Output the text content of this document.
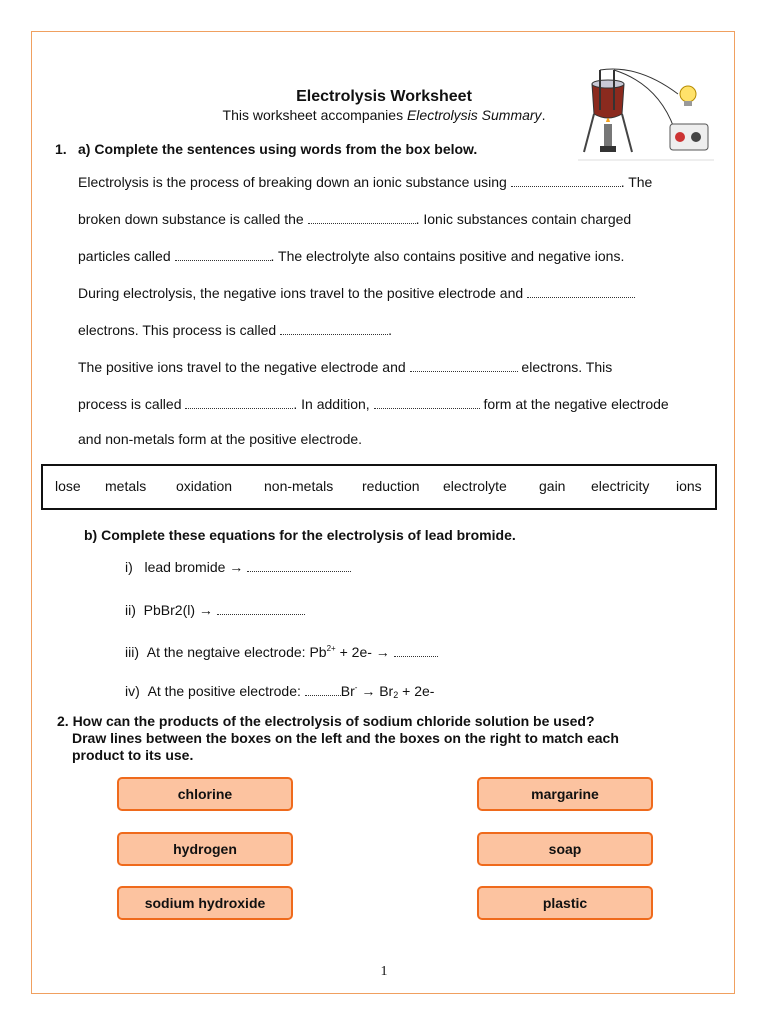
Electrolysis Worksheet
This worksheet accompanies Electrolysis Summary.
1. a) Complete the sentences using words from the box below.
Electrolysis is the process of breaking down an ionic substance using	. The
broken down substance is called the	. Ionic substances contain charged
particles called	. The electrolyte also contains positive and negative ions.
During electrolysis, the negative ions travel to the positive electrode and
electrons. This process is called	.
The positive ions travel to the negative electrode and	electrons. This
process is called	. In addition,	form at the negative electrode
and non-metals form at the positive electrode.
lose metals oxidation non-metals reduction electrolyte gain electricity ions
b) Complete these equations for the electrolysis of lead bromide.
i) lead bromide →
ii) PbBr2(l) →
iii) At the negtaive electrode: $Pb^{2+} + 2e-$ →
iv) At the positive electrode:	$Br^- \to Br_2 + 2e-$
2. How can the products of the electrolysis of sodium chloride solution be used?
Draw lines between the boxes on the left and the boxes on the right to match each
product to its use.
chlorine
hydrogen
sodium hydroxide
margarine
soap
plastic
1
